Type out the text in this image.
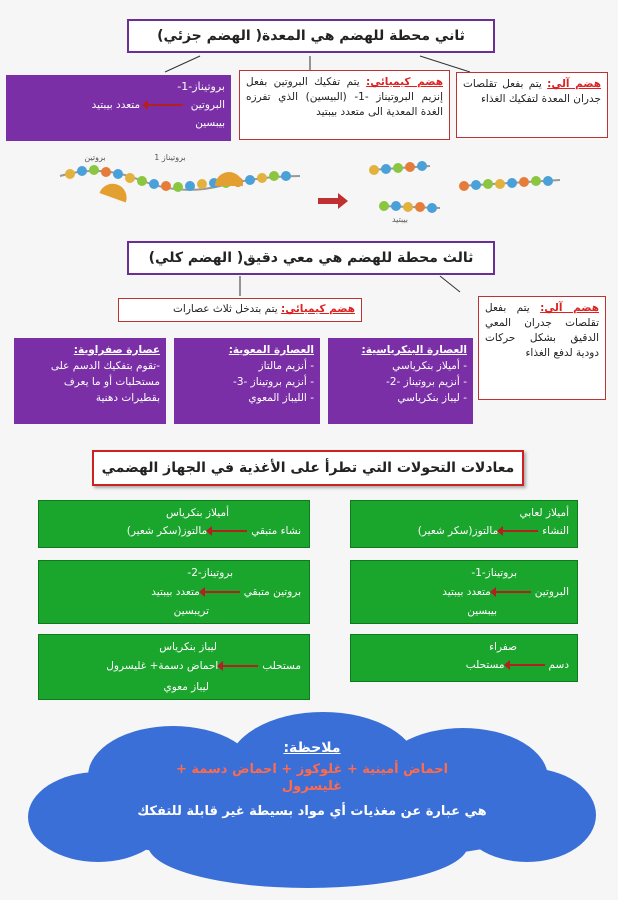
ثاني محطة للهضم هي المعدة( الهضم جزئي)
بروتيناز-1-
البروتين  متعدد بيبتيد
بيبسين
هضم كيميائي: يتم تفكيك البروتين بفعل إنزيم البروتيناز -1- (البيسين) الذي تفرزه الغدة المعدية الى متعدد بيبتيد
هضم آلي: يتم بفعل تقلصات جدران المعدة لتفكيك الغذاء
بروتين	بروتيناز 1
بيبتيد
ثالث محطة للهضم هي معي دقيق( الهضم كلي)
هضم كيميائي: يتم بتدخل ثلاث عصارات	هضم آلي: يتم بفعل تقلصات جدران المعي الدقيق بشكل حركات دودية لدفع الغذاء
العصارة البنكرياسية:
- أميلاز بنكرياسي
- أنزيم بروتيناز -2-
- ليباز بنكرياسي
العصارة المعوية:
- أنزيم مالتاز
- أنزيم بروتيناز -3-
- الليباز المعوي
عصارة صفراوية:
-تقوم بتفكيك الدسم على
مستحلبات أو ما يعرف
بقطيرات دهنية
معادلات التحولات التي تطرأ على الأغذية في الجهاز الهضمي
أميلاز لعابي
النشاءمالتوز(سكر شعير)
أميلاز بنكرياس
نشاء متبقيمالتوز(سكر شعير)
بروتيناز-1-
البروتينمتعدد بيبتيد
بيبسين
بروتيناز-2-
بروتين متبقيمتعدد بيبتيد
تريبسين
صفراء
دسممستحلب
ليباز بنكرياس
مستحلباحماض دسمة+ غليسرول
ليباز معوي
ملاحظة:
احماض أمينية + غلوكوز + احماض دسمة +
غليسرول
هي عبارة عن مغذيات أي مواد بسيطة غير قابلة للتفكك
